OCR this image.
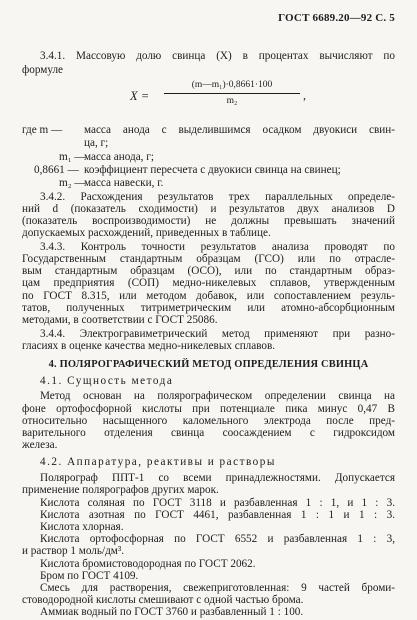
ГОСТ 6689.20—92 С. 5
3.4.1. Массовую долю свинца (X) в процентах вычисляют по
формуле
X =
(m—m₁)·0,8661·100
m₂	,
где m — масса анода с выделившимся осадком двуокиси свин-
ца, г;
m₁ —
масса анода, г;
0,8661 — коэффициент пересчета с двуокиси свинца на свинец;
m₂ —
масса навески, г.
3.4.2. Расхождения результатов трех параллельных определе-
ний d (показатель сходимости) и результатов двух анализов D
(показатель воспроизводимости) не должны превышать значений
допускаемых расхождений, приведенных в таблице.
3.4.3. Контроль точности результатов анализа проводят по
Государственным стандартным образцам (ГСО) или по отраслe-
вым стандартным образцам (ОСО), или по стандартным образ-
цам предприятия (СОП) медно-никелевых сплавов, утвержденным
по ГОСТ 8.315, или методом добавок, или сопоставлением резуль-
татов, полученных титриметрическим или атомно-абсорбционным
методами, в соответствии с ГОСТ 25086.
3.4.4. Электрогравиметрический метод применяют при разно-
гласиях в оценке качества медно-никелевых сплавов.
4. ПОЛЯРОГРАФИЧЕСКИЙ МЕТОД ОПРЕДЕЛЕНИЯ СВИНЦА
4.1. Сущность метода
Метод основан на полярографическом определении свинца на
фоне ортофосфорной кислоты при потенциале пика минус 0,47 В
относительно насыщенного каломельного электрода после пред-
варительного отделения свинца соосаждением с гидроксидом
железа.
4.2. Аппаратура, реактивы и растворы
Полярограф ППТ-1 со всеми принадлежностями. Допускается
применение полярографов других марок.
Кислота соляная по ГОСТ 3118 и разбавленная 1 : 1, и 1 : 3.
Кислота азотная по ГОСТ 4461, разбавленная 1 : 1 и 1 : 3.
Кислота хлорная.
Кислота ортофосфорная по ГОСТ 6552 и разбавленная 1 : 3,
и раствор 1 моль/дм³.
Кислота бромистоводородная по ГОСТ 2062.
Бром по ГОСТ 4109.
Смесь для растворения, свежеприготовленная: 9 частей броми-
стоводородной кислоты смешивают с одной частью брома.
Аммиак водный по ГОСТ 3760 и разбавленный 1 : 100.
